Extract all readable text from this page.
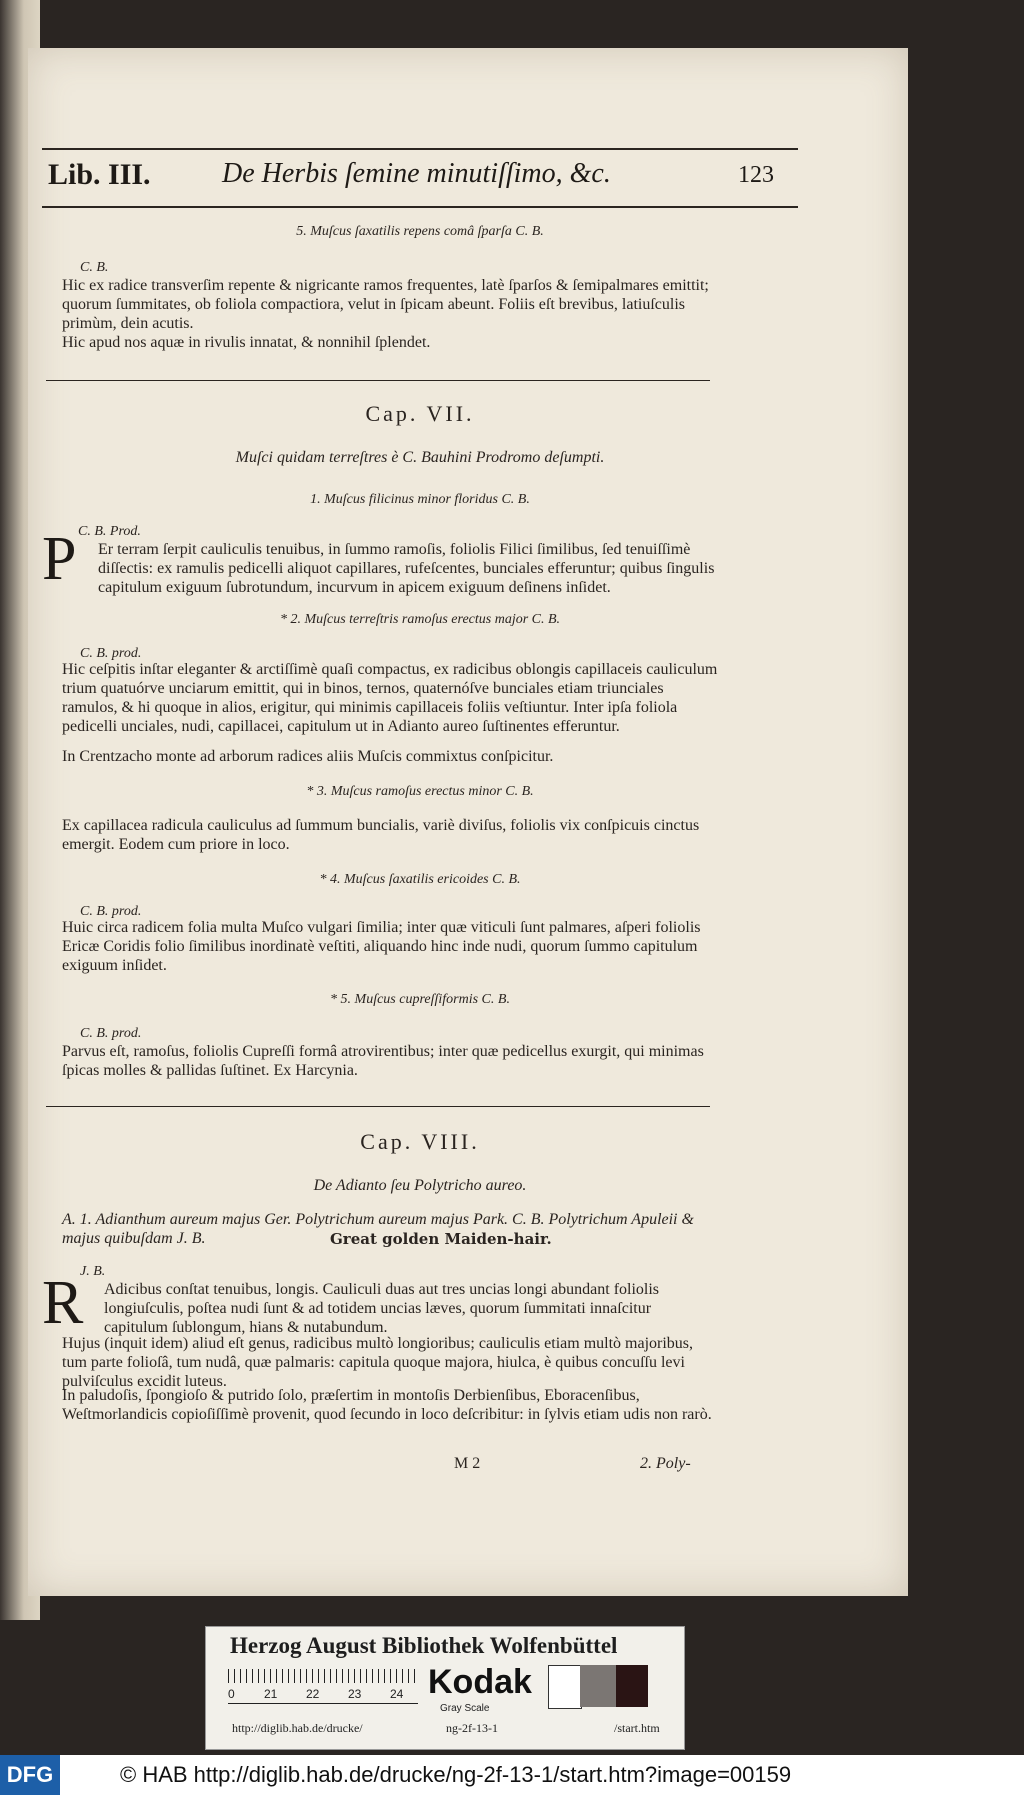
Lib. III.	De Herbis ſemine minutiſſimo, &c.	123
5. Muſcus ſaxatilis repens comâ ſparſa C. B.
C. B.
Hic ex radice transverſim repente & nigricante ramos frequentes, latè ſparſos & ſemipalmares emittit; quorum ſummitates, ob foliola compactiora, velut in ſpicam abeunt. Foliis eſt brevibus, latiuſculis primùm, dein acutis.
Hic apud nos aquæ in rivulis innatat, & nonnihil ſplendet.
Cap. VII.
Muſci quidam terreſtres è C. Bauhini Prodromo deſumpti.
1. Muſcus filicinus minor floridus C. B.
C. B. Prod.
P Er terram ſerpit cauliculis tenuibus, in ſummo ramoſis, foliolis Filici ſimilibus, ſed tenuiſſimè diſſectis: ex ramulis pedicelli aliquot capillares, rufeſcentes, bunciales efferuntur; quibus ſingulis capitulum exiguum ſubrotundum, incurvum in apicem exiguum deſinens inſidet.
* 2. Muſcus terreſtris ramoſus erectus major C. B.
C. B. prod.
Hic ceſpitis inſtar eleganter & arctiſſimè quaſi compactus, ex radicibus oblongis capillaceis cauliculum trium quatuórve unciarum emittit, qui in binos, ternos, quaternóſve bunciales etiam triunciales ramulos, & hi quoque in alios, erigitur, qui minimis capillaceis foliis veſtiuntur. Inter ipſa foliola pedicelli unciales, nudi, capillacei, capitulum ut in Adianto aureo ſuſtinentes efferuntur.
In Crentzacho monte ad arborum radices aliis Muſcis commixtus conſpicitur.
* 3. Muſcus ramoſus erectus minor C. B.
Ex capillacea radicula cauliculus ad ſummum buncialis, variè diviſus, foliolis vix conſpicuis cinctus emergit. Eodem cum priore in loco.
* 4. Muſcus ſaxatilis ericoides C. B.
C. B. prod.
Huic circa radicem folia multa Muſco vulgari ſimilia; inter quæ viticuli ſunt palmares, aſperi foliolis Ericæ Coridis folio ſimilibus inordinatè veſtiti, aliquando hinc inde nudi, quorum ſummo capitulum exiguum inſidet.
* 5. Muſcus cupreſſiformis C. B.
C. B. prod.
Parvus eſt, ramoſus, foliolis Cupreſſi formâ atrovirentibus; inter quæ pedicellus exurgit, qui minimas ſpicas molles & pallidas ſuſtinet. Ex Harcynia.
Cap. VIII.
De Adianto ſeu Polytricho aureo.
A. 1. Adianthum aureum majus Ger. Polytrichum aureum majus Park. C. B. Polytrichum Apuleii & majus quibuſdam J. B.	Great golden Maiden-hair.
J. B.
R Adicibus conſtat tenuibus, longis. Cauliculi duas aut tres uncias longi abundant foliolis longiuſculis, poſtea nudi ſunt & ad totidem uncias læves, quorum ſummitati innaſcitur capitulum ſublongum, hians & nutabundum.
Hujus (inquit idem) aliud eſt genus, radicibus multò longioribus; cauliculis etiam multò majoribus, tum parte folioſâ, tum nudâ, quæ palmaris: capitula quoque majora, hiulca, è quibus concuſſu levi pulviſculus excidit luteus.
In paludoſis, ſpongioſo & putrido ſolo, præſertim in montoſis Derbienſibus, Eboracenſibus, Weſtmorlandicis copioſiſſimè provenit, quod ſecundo in loco deſcribitur: in ſylvis etiam udis non rarò.
M 2	2. Poly-
Herzog August Bibliothek Wolfenbüttel
0 21 22 23 24 Kodak
Gray Scale
http://diglib.hab.de/drucke/	ng-2f-13-1	/start.htm
DFG	© HAB http://diglib.hab.de/drucke/ng-2f-13-1/start.htm?image=00159
